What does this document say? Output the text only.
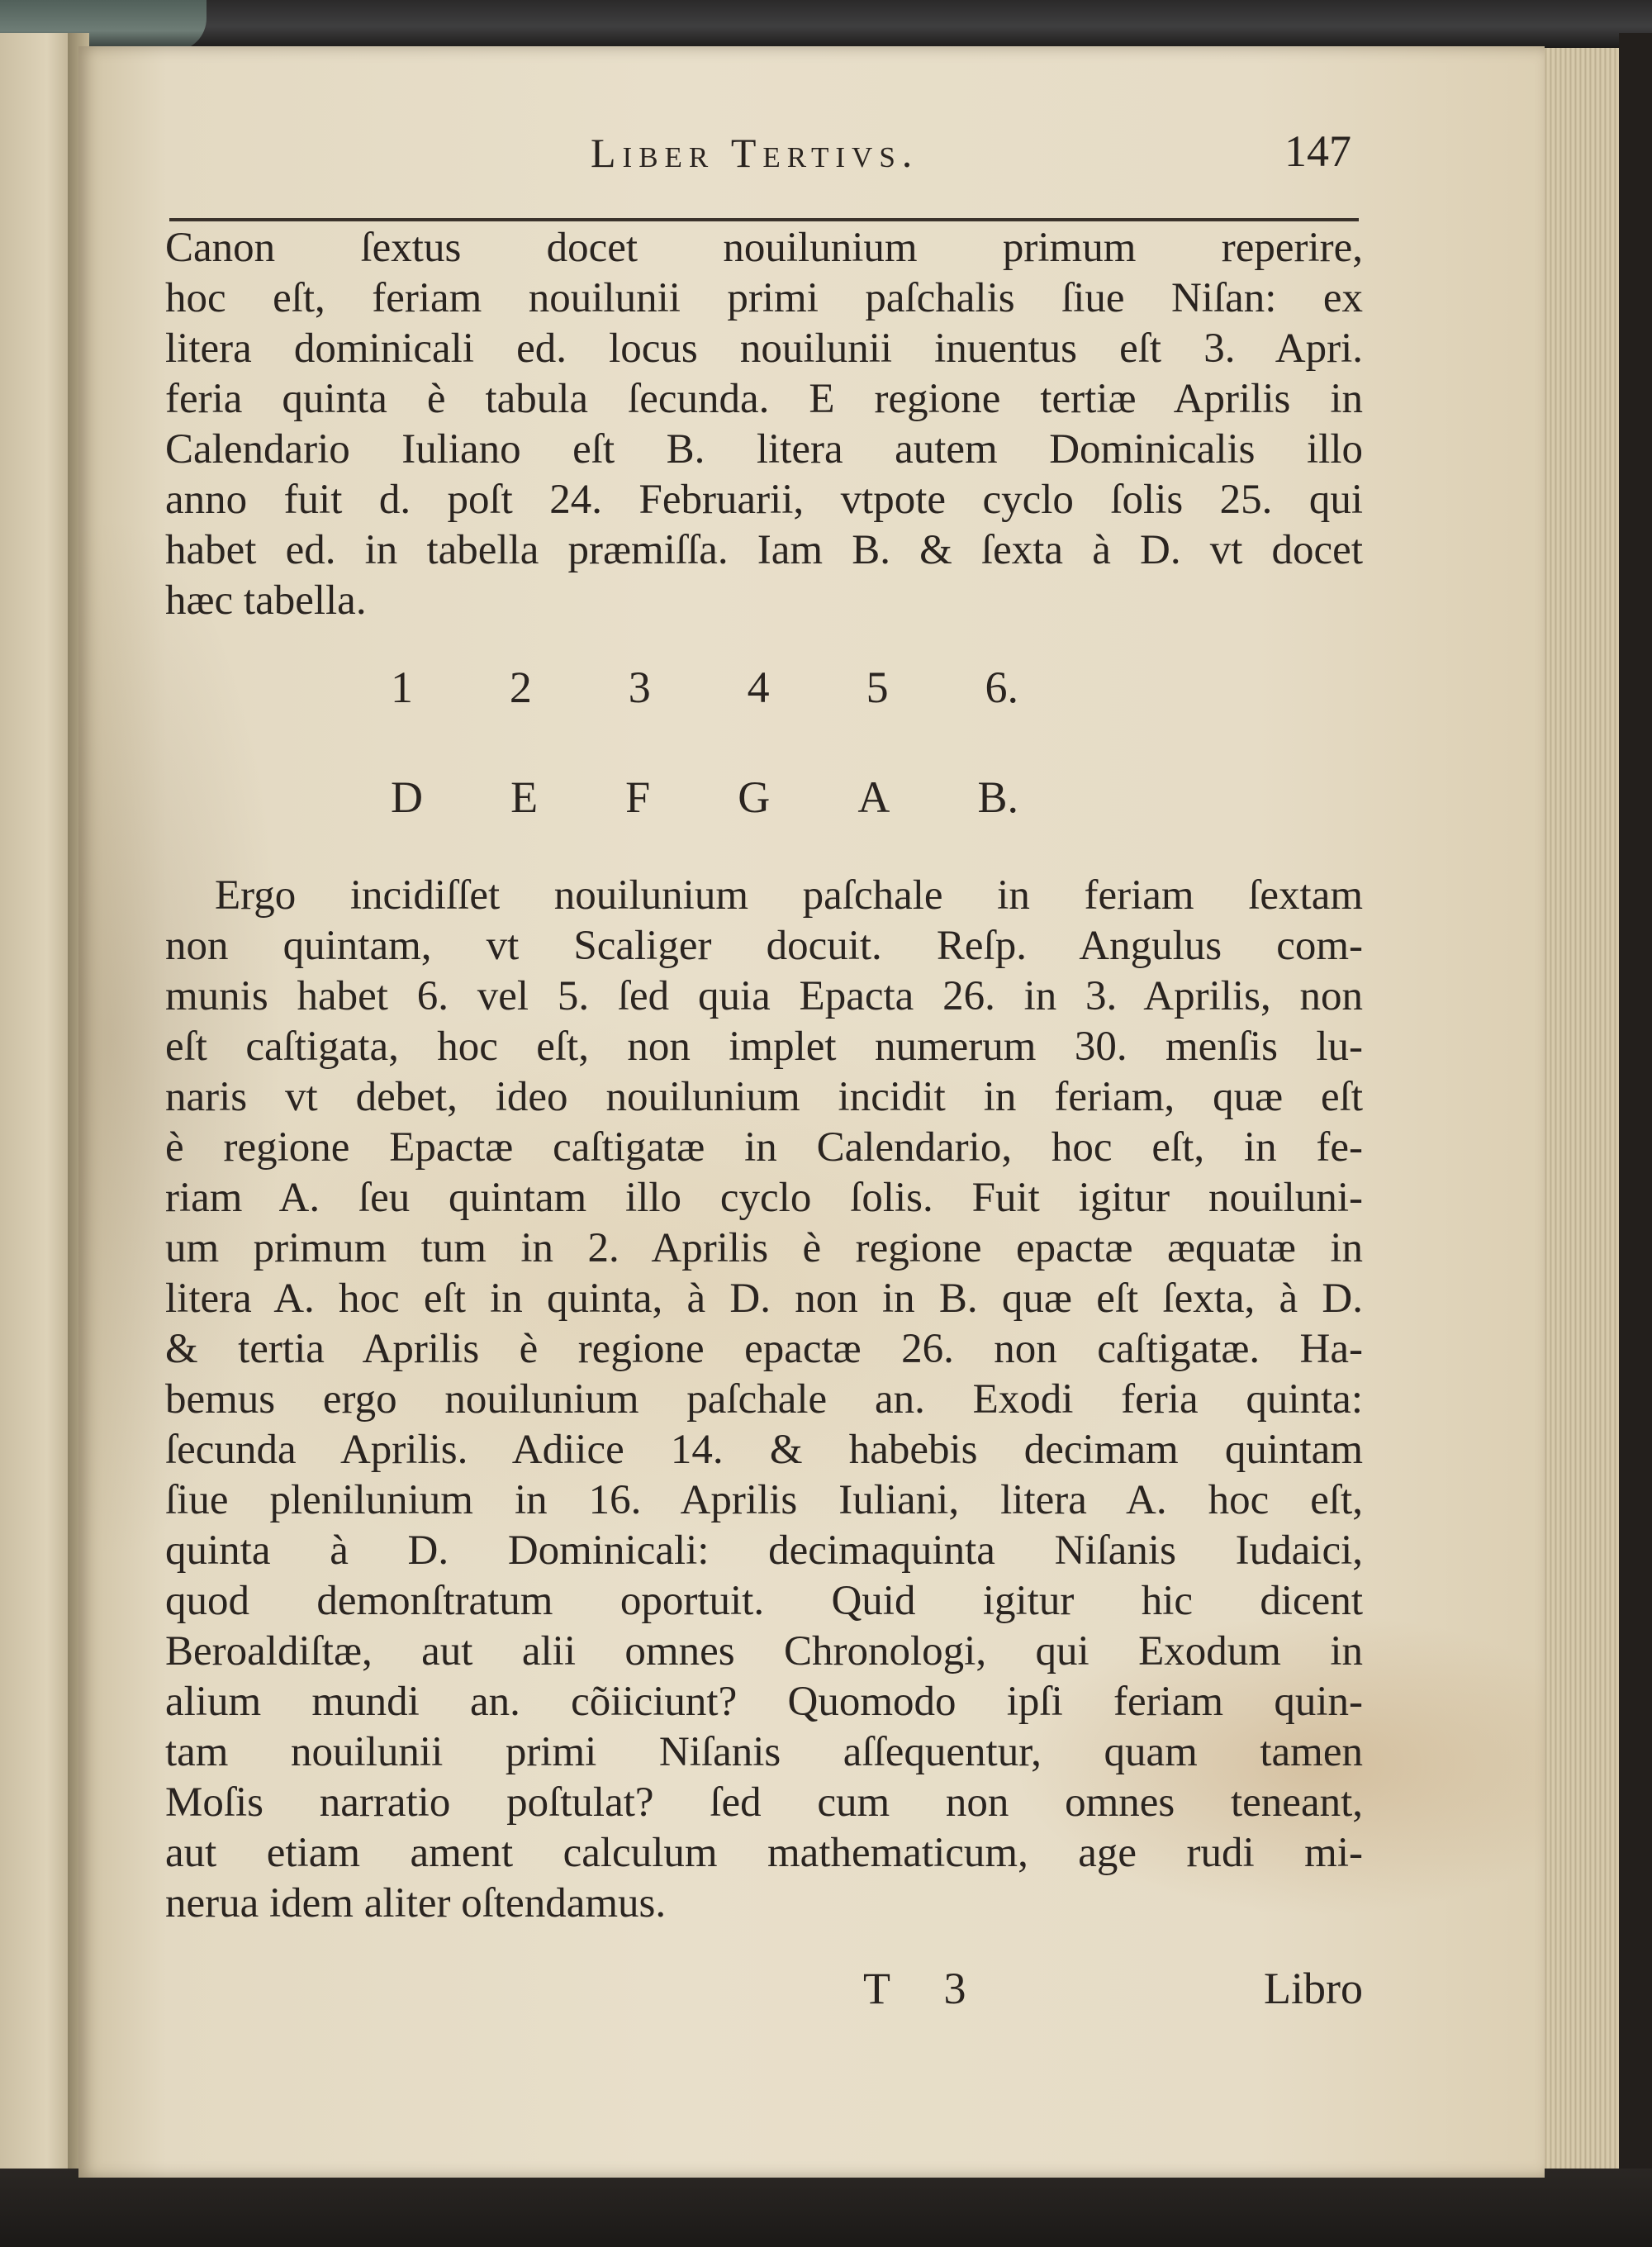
Liber Tertivs.	147
Canon ſextus docet nouilunium primum reperire,
hoc eſt, feriam nouilunii primi paſchalis ſiue Niſan: ex
litera dominicali ed. locus nouilunii inuentus eſt 3. Apri.
feria quinta è tabula ſecunda. E regione tertiæ Aprilis in
Calendario Iuliano eſt B. litera autem Dominicalis illo
anno fuit d. poſt 24. Februarii, vtpote cyclo ſolis 25. qui
habet ed. in tabella præmiſſa. Iam B. & ſexta à D. vt docet
hæc tabella.
1 2 3 4 5 6.
D E F G A B.
Ergo incidiſſet nouilunium paſchale in feriam ſextam
non quintam, vt Scaliger docuit. Reſp. Angulus com-
munis habet 6. vel 5. ſed quia Epacta 26. in 3. Aprilis, non
eſt caſtigata, hoc eſt, non implet numerum 30. menſis lu-
naris vt debet, ideo nouilunium incidit in feriam, quæ eſt
è regione Epactæ caſtigatæ in Calendario, hoc eſt, in fe-
riam A. ſeu quintam illo cyclo ſolis. Fuit igitur nouiluni-
um primum tum in 2. Aprilis è regione epactæ æquatæ in
litera A. hoc eſt in quinta, à D. non in B. quæ eſt ſexta, à D.
& tertia Aprilis è regione epactæ 26. non caſtigatæ. Ha-
bemus ergo nouilunium paſchale an. Exodi feria quinta:
ſecunda Aprilis. Adiice 14. & habebis decimam quintam
ſiue plenilunium in 16. Aprilis Iuliani, litera A. hoc eſt,
quinta à D. Dominicali: decimaquinta Niſanis Iudaici,
quod demonſtratum oportuit. Quid igitur hic dicent
Beroaldiſtæ, aut alii omnes Chronologi, qui Exodum in
alium mundi an. cõiiciunt? Quomodo ipſi feriam quin-
tam nouilunii primi Niſanis aſſequentur, quam tamen
Moſis narratio poſtulat? ſed cum non omnes teneant,
aut etiam ament calculum mathematicum, age rudi mi-
nerua idem aliter oſtendamus.
T 3	Libro
